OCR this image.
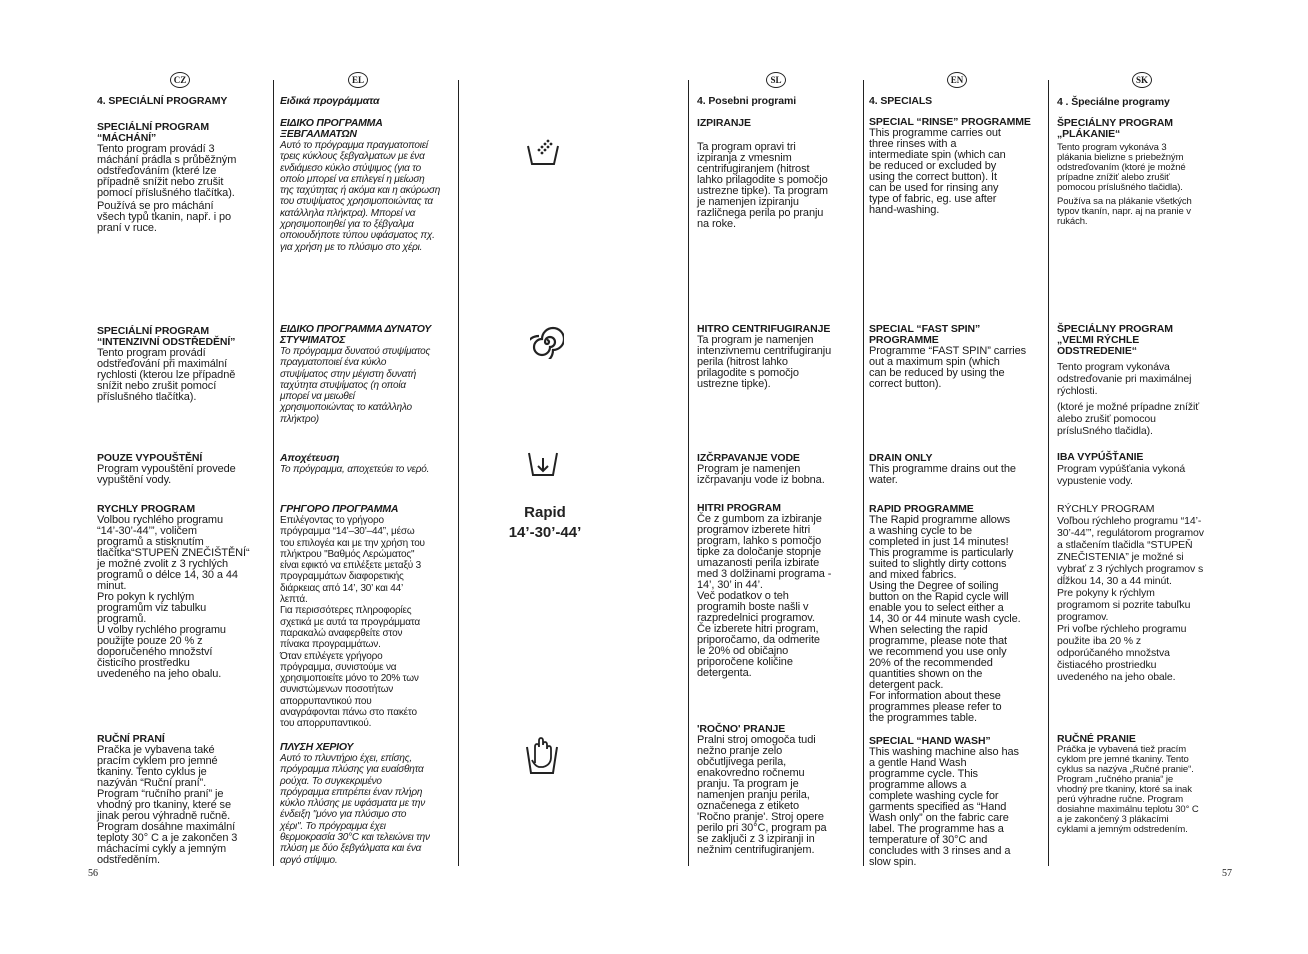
CZ	EL	SL	EN	SK
56	57

4. SPECIÁLNÍ PROGRAMY

SPECIÁLNÍ PROGRAM
“MÁCHÁNÍ”

Tento program provádí 3
máchání prádla s průběžným
odstřeďováním (které lze
případně snížit nebo zrušit
pomocí příslušného tlačítka).

Používá se pro máchání
všech typů tkanin, např. i po
praní v ruce.

SPECIÁLNÍ PROGRAM
“INTENZIVNÍ ODSTŘEDĚNÍ”

Tento program provádí
odstřeďování při maximální
rychlosti (kterou lze případně
snížit nebo zrušit pomocí
příslušného tlačítka).

POUZE VYPOUŠTĚNÍ

Program vypouštění provede
vypuštění vody.

RYCHLY PROGRAM

Volbou rychlého programu
“14’-30’-44’”, voličem
programů a stisknutím
tlačítka“STUPEŇ ZNEČIŠTĚNÍ“
je možné zvolit z 3 rychlých
programů o délce 14, 30 a 44
minut.
Pro pokyn k rychlým
programům viz tabulku
programů.
U volby rychlého programu
použijte pouze 20 % z
doporučeného množství
čisticího prostředku
uvedeného na jeho obalu.

RUČNÍ PRANÍ

Pračka je vybavena také
pracím cyklem pro jemné
tkaniny. Tento cyklus je
nazýván “Ruční praní”.
Program “ručního praní” je
vhodný pro tkaniny, které se
jinak perou výhradně ručně.
Program dosáhne maximální
teploty 30° C a je zakončen 3
máchacími cykly a jemným
odstředěním.

Ειδικά προγράμματα

ΕΙΔΙΚΟ ΠΡΟΓΡΑΜΜΑ
ΞΕΒΓΑΛΜΑΤΩΝ

Αυτό το πρόγραμμα πραγματοποιεί
τρεις κύκλους ξεβγαλματων με ένα
ενδιάμεσο κύκλο στύψιμος (για το
οποίο μπορεί να επιλεγεί η μείωση
της ταχύτητας ή ακόμα και η ακύρωση
του στυψίματος χρησιμοποιώντας τα
κατάλληλα πλήκτρα). Μπορεί να
χρησιμοποιηθεί για το ξέβγαλμα
οποιουδήποτε τύπου υφάσματος πχ.
για χρήση με το πλύσιμο στο χέρι.

ΕΙΔΙΚΟ ΠΡΟΓΡΑΜΜΑ ΔΥΝΑΤΟΥ
ΣΤΥΨΙΜΑΤΟΣ

Το πρόγραμμα δυνατού στυψίματος
πραγματοποιεί ένα κύκλο
στυψίματος στην μέγιστη δυνατή
ταχύτητα στυψίματος (η οποία
μπορεί να μειωθεί
χρησιμοποιώντας το κατάλληλο
πλήκτρο)

Αποχέτευση

Το πρόγραμμα, αποχετεύει το νερό.

ΓΡΗΓΟΡΟ ΠΡΟΓΡΑΜΜΑ

Επιλέγοντας το γρήγορο
πρόγραμμα “14’–30’–44”, μέσω
του επιλογέα και με την χρήση του
πλήκτρου "Βαθμός Λερώματος"
είναι εφικτό να επιλέξετε μεταξύ 3
προγραμμάτων διαφορετικής
διάρκειας από 14’, 30’ και 44’
λεπτά.
Για περισσότερες πληροφορίες
σχετικά με αυτά τα προγράμματα
παρακαλώ αναφερθείτε στον
πίνακα προγραμμάτων.
Όταν επιλέγετε γρήγορο
πρόγραμμα, συνιστούμε να
χρησιμοποιείτε μόνο το 20% των
συνιστώμενων ποσοτήτων
απορρυπαντικού που
αναγράφονται πάνω στο πακέτο
του απορρυπαντικού.

ΠΛΥΣΗ ΧΕΡΙΟΥ

Αυτό το πλυντήριο έχει, επίσης,
πρόγραμμα πλύσης για ευαίσθητα
ρούχα. Το συγκεκριμένο
πρόγραμμα επιτρέπει έναν πλήρη
κύκλο πλύσης με υφάσματα με την
ένδειξη "μόνο για πλύσιμο στο
χέρι". Το πρόγραμμα έχει
θερμοκρασία 30°C και τελειώνει την
πλύση με δύο ξεβγάλματα και ένα
αργό στίψιμο.

Rapid
14’-30’-44’

4. Posebni programi

IZPIRANJE

Ta program opravi tri
izpiranja z vmesnim
centrifugiranjem (hitrost
lahko prilagodite s pomočjo
ustrezne tipke). Ta program
je namenjen izpiranju
različnega perila po pranju
na roke.

HITRO CENTRIFUGIRANJE

Ta program je namenjen
intenzivnemu centrifugiranju
perila (hitrost lahko
prilagodite s pomočjo
ustrezne tipke).

IZČRPAVANJE VODE

Program je namenjen
izčrpavanju vode iz bobna.

HITRI PROGRAM

Če z gumbom za izbiranje
programov izberete hitri
program, lahko s pomočjo
tipke za določanje stopnje
umazanosti perila izbirate
med 3 dolžinami programa -
14’, 30’ in 44’.
Več podatkov o teh
programih boste našli v
razpredelnici programov.
Če izberete hitri program,
priporočamo, da odmerite
le 20% od običajno
priporočene količine
detergenta.

'ROČNO' PRANJE

Pralni stroj omogoča tudi
nežno pranje zelo
občutljivega perila,
enakovredno ročnemu
pranju. Ta program je
namenjen pranju perila,
označenega z etiketo
'Ročno pranje'. Stroj opere
perilo pri 30°C, program pa
se zaključi z 3 izpiranji in
nežnim centrifugiranjem.

4. SPECIALS

SPECIAL “RINSE” PROGRAMME

This programme carries out
three rinses with a
intermediate spin (which can
be reduced or excluded by
using the correct button). It
can be used for rinsing any
type of fabric, eg. use after
hand-washing.

SPECIAL “FAST SPIN”
PROGRAMME

Programme “FAST SPIN” carries
out a maximum spin (which
can be reduced by using the
correct button).

DRAIN ONLY

This programme drains out the
water.

RAPID PROGRAMME

The Rapid programme allows
a washing cycle to be
completed in just 14 minutes!
This programme is particularly
suited to slightly dirty cottons
and mixed fabrics.
Using the Degree of soiling
button on the Rapid cycle will
enable you to select either a
14, 30 or 44 minute wash cycle.
When selecting the rapid
programme, please note that
we recommend you use only
20% of the recommended
quantities shown on the
detergent pack.
For information about these
programmes please refer to
the programmes table.

SPECIAL “HAND WASH”

This washing machine also has
a gentle Hand Wash
programme cycle. This
programme allows a
complete washing cycle for
garments specified as “Hand
Wash only” on the fabric care
label. The programme has a
temperature of 30°C and
concludes with 3 rinses and a
slow spin.

4 . Špeciálne programy

ŠPECIÁLNY PROGRAM
„PLÁKANIE“

Tento program vykonáva 3
plákania bielizne s priebežným
odstreďovaním (ktoré je možné
prípadne znížiť alebo zrušiť
pomocou príslušného tlačidla).

Používa sa na plákanie všetkých
typov tkanín, napr. aj na pranie v
rukách.

ŠPECIÁLNY PROGRAM
„VEĽMI RÝCHLE
ODSTREDENIE“

Tento program vykonáva
odstreďovanie pri maximálnej
rýchlosti.

(ktoré je možné prípadne znížiť
alebo zrušiť pomocou
prísluSného tlačidla).

IBA VYPÚŠŤANIE

Program vypúšťania vykoná
vypustenie vody.

RÝCHLY PROGRAM

Voľbou rýchleho programu “14’-
30’-44’”, regulátorom programov
a stlačením tlačidla “STUPEŇ
ZNEČISTENIA” je možné si
vybrať z 3 rýchlych programov s
dĺžkou 14, 30 a 44 minút.
Pre pokyny k rýchlym
programom si pozrite tabuľku
programov.
Pri voľbe rýchleho programu
použite iba 20 % z
odporúčaného množstva
čistiacého prostriedku
uvedeného na jeho obale.

RUČNÉ PRANIE

Práčka je vybavená tiež pracím
cyklom pre jemné tkaniny. Tento
cyklus sa nazýva „Ručné pranie“.
Program „ručného prania“ je
vhodný pre tkaniny, ktoré sa inak
perú výhradne ručne. Program
dosiahne maximálnu teplotu 30° C
a je zakončený 3 plákacími
cyklami a jemným odstredením.
